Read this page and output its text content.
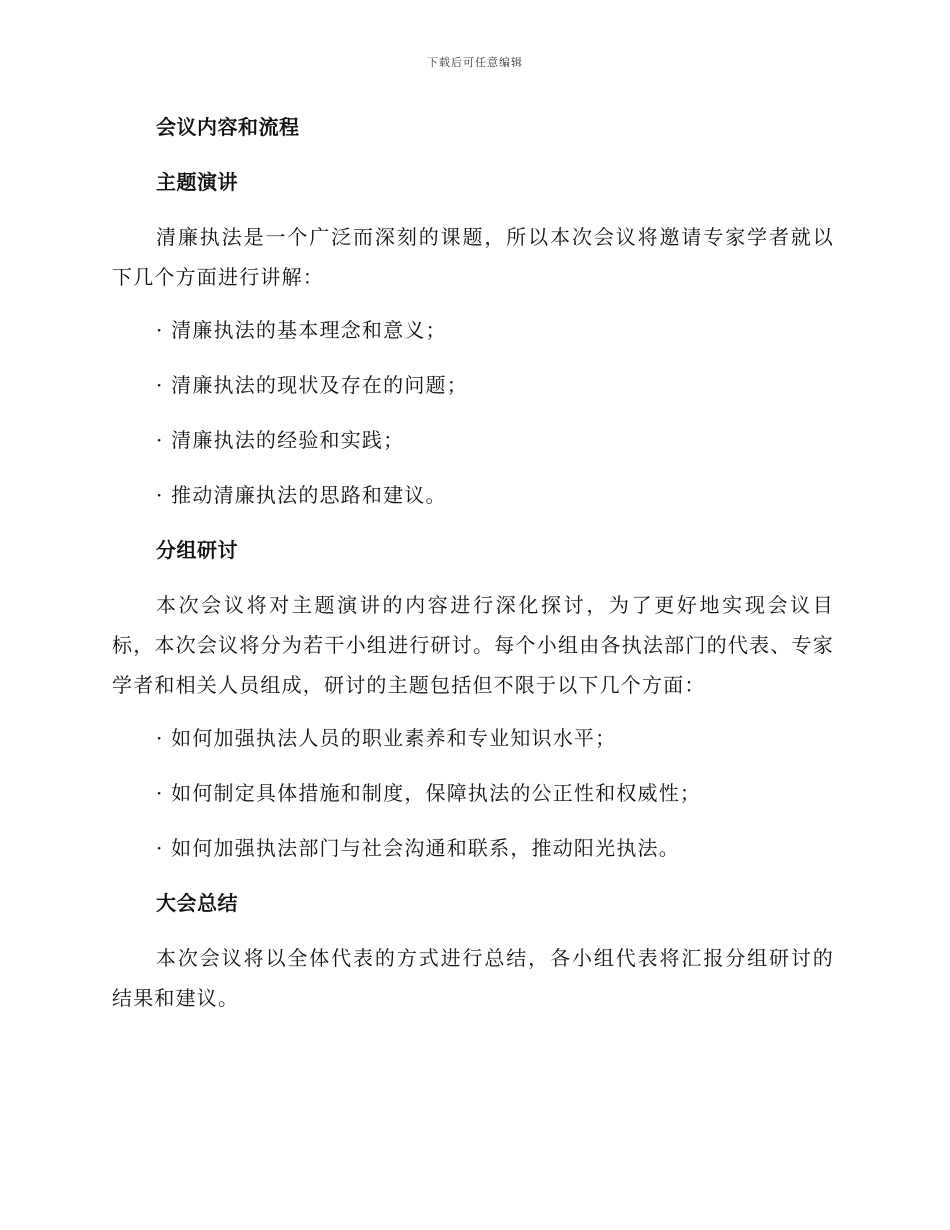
下载后可任意编辑

会议内容和流程

主题演讲

清廉执法是一个广泛而深刻的课题，所以本次会议将邀请专家学者就以下几个方面进行讲解：

· 清廉执法的基本理念和意义；

· 清廉执法的现状及存在的问题；

· 清廉执法的经验和实践；

· 推动清廉执法的思路和建议。

分组研讨

本次会议将对主题演讲的内容进行深化探讨，为了更好地实现会议目标，本次会议将分为若干小组进行研讨。每个小组由各执法部门的代表、专家学者和相关人员组成，研讨的主题包括但不限于以下几个方面：

· 如何加强执法人员的职业素养和专业知识水平；

· 如何制定具体措施和制度，保障执法的公正性和权威性；

· 如何加强执法部门与社会沟通和联系，推动阳光执法。

大会总结

本次会议将以全体代表的方式进行总结，各小组代表将汇报分组研讨的结果和建议。
